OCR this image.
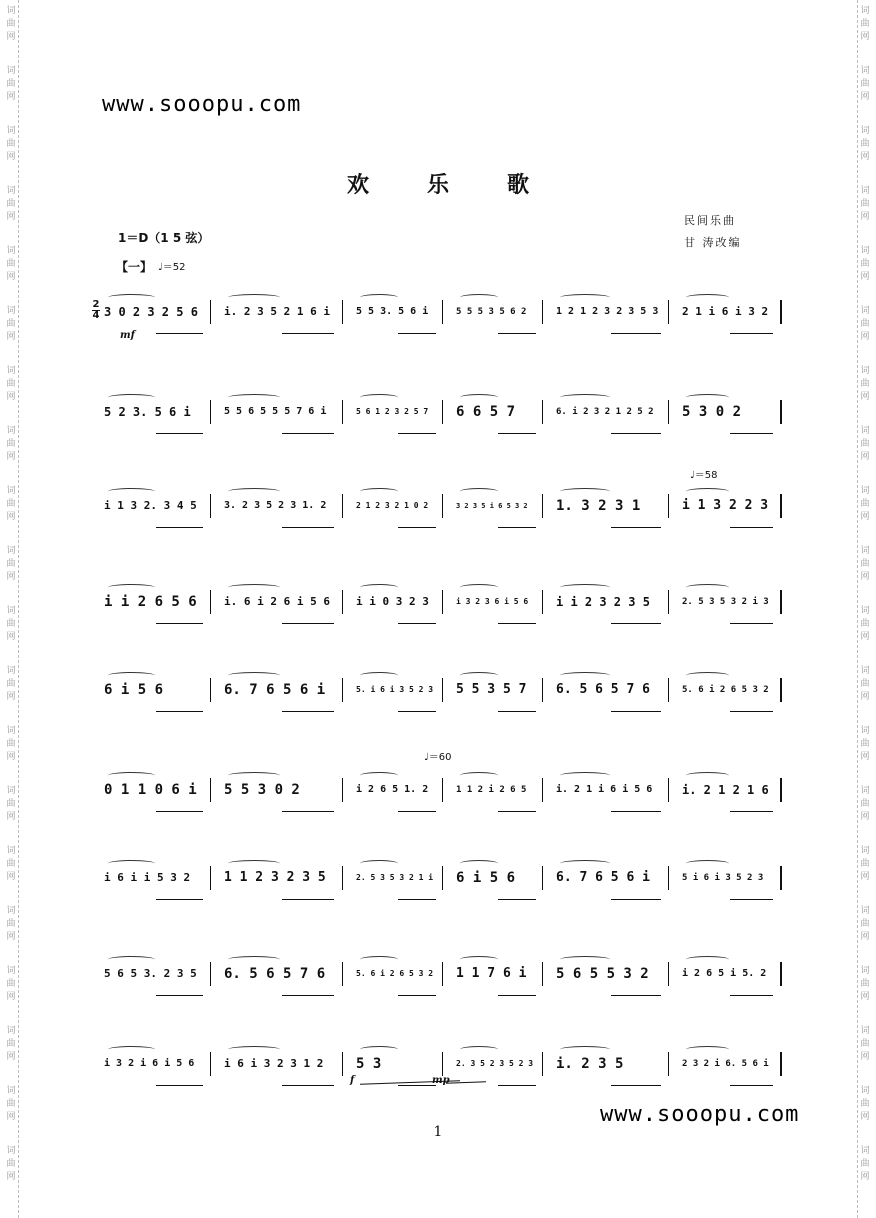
词
曲
网
词
曲
网
词
曲
网
词
曲
网
词
曲
网
词
曲
网
词
曲
网
词
曲
网
词
曲
网
词
曲
网
词
曲
网
词
曲
网
词
曲
网
词
曲
网
词
曲
网
词
曲
网
词
曲
网
词
曲
网
词
曲
网
词
曲
网
词
曲
网
词
曲
网
词
曲
网
词
曲
网
词
曲
网
词
曲
网
词
曲
网
词
曲
网
词
曲
网
词
曲
网
词
曲
网
词
曲
网
词
曲
网
词
曲
网
词
曲
网
词
曲
网
词
曲
网
词
曲
网
词
曲
网
词
曲
网
www.sooopu.com
欢乐歌
民间乐曲
甘 涛改编
1＝D（1 5 弦）
【一】 ♩＝52
2
4 3 0 2 3 2 5 6	i. 2 3 5 2 1 6 i	5 5 3. 5 6 i	5 5 5 3 5 6 2	1 2 1 2 3 2 3 5 3	2 1 i 6 i 3 2
5 2 3. 5 6 i	5 5 6 5 5 5 7 6 i	5 6 1 2 3 2 5 7	6 6 5 7	6. i 2 3 2 1 2 5 2	5 3 0 2
i 1 3 2. 3 4 5	3. 2 3 5 2 3 1. 2	2 1 2 3 2 1 0 2	3 2 3 5 i 6 5 3 2	1. 3 2 3 1	i 1 3 2 2 3
i i 2 6 5 6	i. 6 i 2 6 i 5 6	i i 0 3 2 3	i 3 2 3 6 i 5 6	i i 2 3 2 3 5	2. 5 3 5 3 2 i 3
6 i 5 6	6. 7 6 5 6 i	5. i 6 i 3 5 2 3	5 5 3 5 7	6. 5 6 5 7 6	5. 6 i 2 6 5 3 2
0 1 1 0 6 i	5 5 3 0 2	i 2 6 5 1. 2	1 1 2 i 2 6 5	i. 2 1 i 6 i 5 6	i. 2 1 2 1 6
i 6 i i 5 3 2	1 1 2 3 2 3 5	2. 5 3 5 3 2 1 i	6 i 5 6	6. 7 6 5 6 i	5 i 6 i 3 5 2 3
5 6 5 3. 2 3 5	6. 5 6 5 7 6	5. 6 i 2 6 5 3 2	1 1 7 6 i	5 6 5 5 3 2	i 2 6 5 i 5. 2
i 3 2 i 6 i 5 6	i 6 i 3 2 3 1 2	5 3	2. 3 5 2 3 5 2 3	i. 2 3 5	2 3 2 i 6. 5 6 i
www.sooopu.com
1
mf
f	mp
♩＝58
♩＝60
